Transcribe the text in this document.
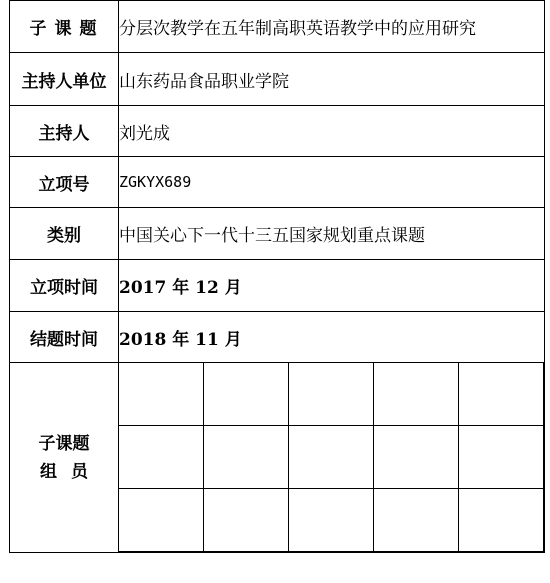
子课题	分层次教学在五年制高职英语教学中的应用研究
主持人单位	山东药品食品职业学院
主持人	刘光成
立项号	ZGKYX689
类别	中国关心下一代十三五国家规划重点课题
立项时间	2017 年 12 月
结题时间	2018 年 11 月

子课题
组员
